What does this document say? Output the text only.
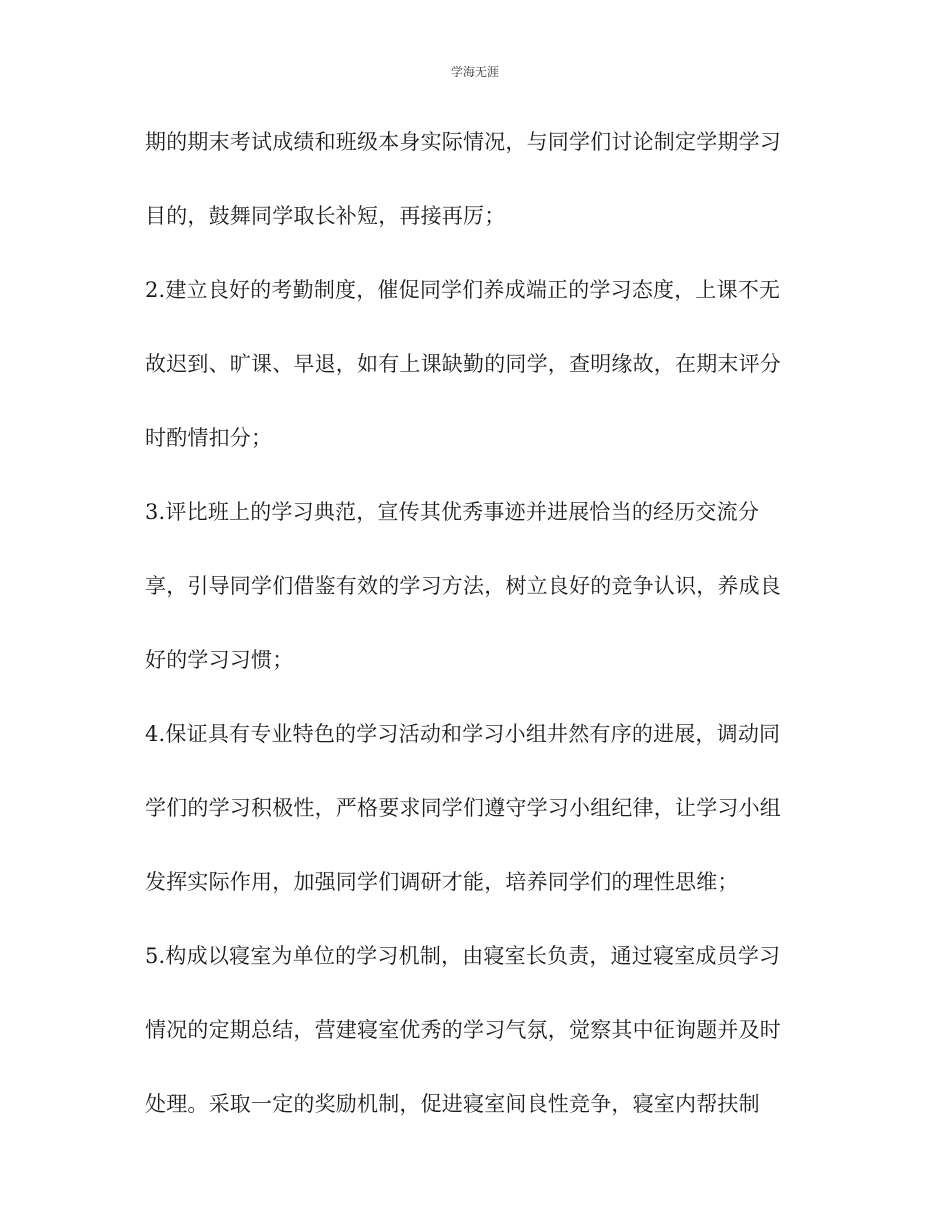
学海无涯
期的期末考试成绩和班级本身实际情况，与同学们讨论制定学期学习
目的，鼓舞同学取长补短，再接再厉；
2.建立良好的考勤制度，催促同学们养成端正的学习态度，上课不无
故迟到、旷课、早退，如有上课缺勤的同学，查明缘故，在期末评分
时酌情扣分；
3.评比班上的学习典范，宣传其优秀事迹并进展恰当的经历交流分
享，引导同学们借鉴有效的学习方法，树立良好的竞争认识，养成良
好的学习习惯；
4.保证具有专业特色的学习活动和学习小组井然有序的进展，调动同
学们的学习积极性，严格要求同学们遵守学习小组纪律，让学习小组
发挥实际作用，加强同学们调研才能，培养同学们的理性思维；
5.构成以寝室为单位的学习机制，由寝室长负责，通过寝室成员学习
情况的定期总结，营建寝室优秀的学习气氛，觉察其中征询题并及时
处理。采取一定的奖励机制，促进寝室间良性竞争，寝室内帮扶制
